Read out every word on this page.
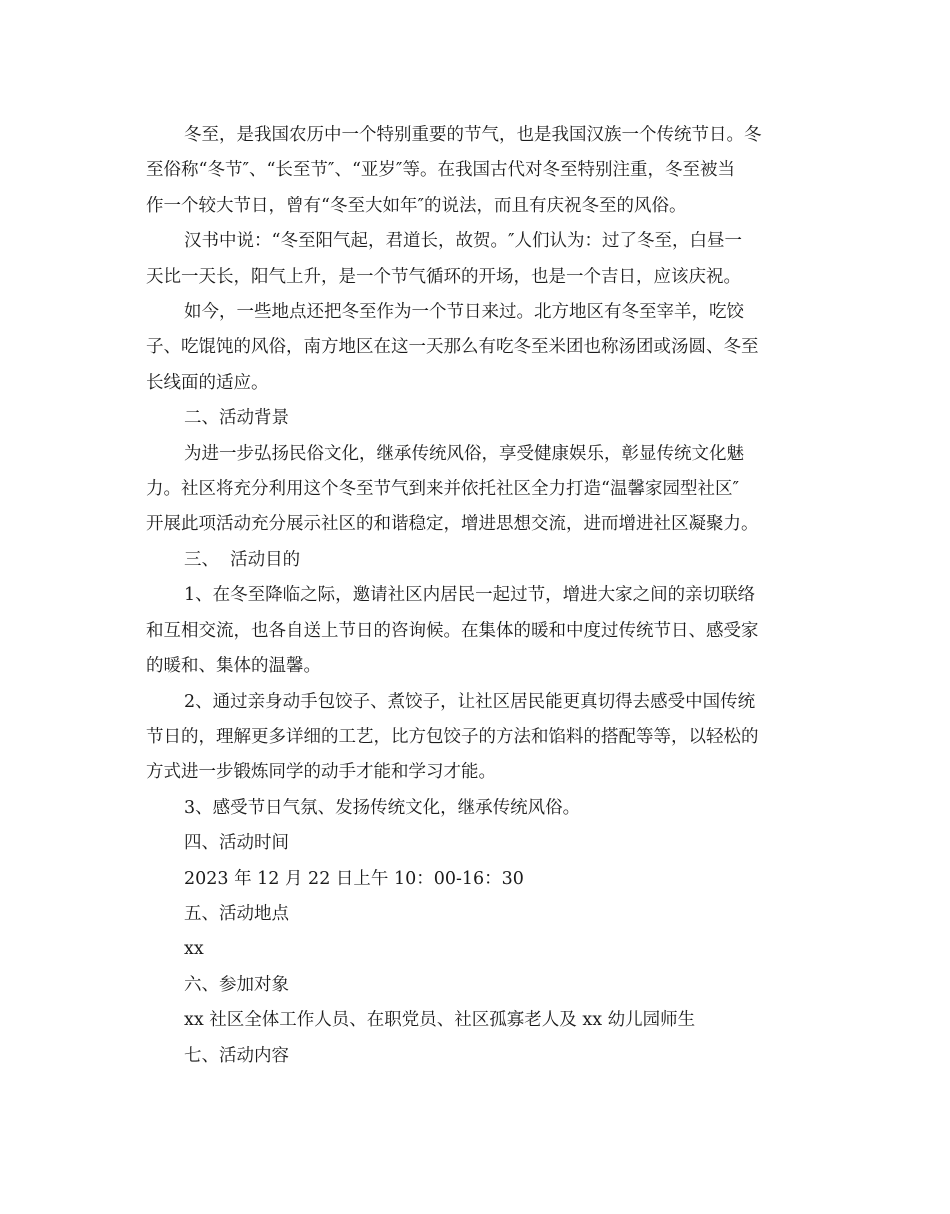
冬至，是我国农历中一个特别重要的节气，也是我国汉族一个传统节日。冬
至俗称“冬节″、“长至节″、“亚岁″等。在我国古代对冬至特别注重，冬至被当
作一个较大节日，曾有“冬至大如年″的说法，而且有庆祝冬至的风俗。

汉书中说：“冬至阳气起，君道长，故贺。″人们认为：过了冬至，白昼一
天比一天长，阳气上升，是一个节气循环的开场，也是一个吉日，应该庆祝。

如今，一些地点还把冬至作为一个节日来过。北方地区有冬至宰羊，吃饺
子、吃馄饨的风俗，南方地区在这一天那么有吃冬至米团也称汤团或汤圆、冬至
长线面的适应。

二、活动背景

为进一步弘扬民俗文化，继承传统风俗，享受健康娱乐，彰显传统文化魅
力。社区将充分利用这个冬至节气到来并依托社区全力打造“温馨家园型社区″
开展此项活动充分展示社区的和谐稳定，增进思想交流，进而增进社区凝聚力。

三、  活动目的

1、在冬至降临之际，邀请社区内居民一起过节，增进大家之间的亲切联络
和互相交流，也各自送上节日的咨询候。在集体的暖和中度过传统节日、感受家
的暖和、集体的温馨。

2、通过亲身动手包饺子、煮饺子，让社区居民能更真切得去感受中国传统
节日的，理解更多详细的工艺，比方包饺子的方法和馅料的搭配等等，以轻松的
方式进一步锻炼同学的动手才能和学习才能。

3、感受节日气氛、发扬传统文化，继承传统风俗。

四、活动时间

2023 年 12 月 22 日上午 10：00-16：30

五、活动地点

xx

六、参加对象

xx 社区全体工作人员、在职党员、社区孤寡老人及 xx 幼儿园师生

七、活动内容
